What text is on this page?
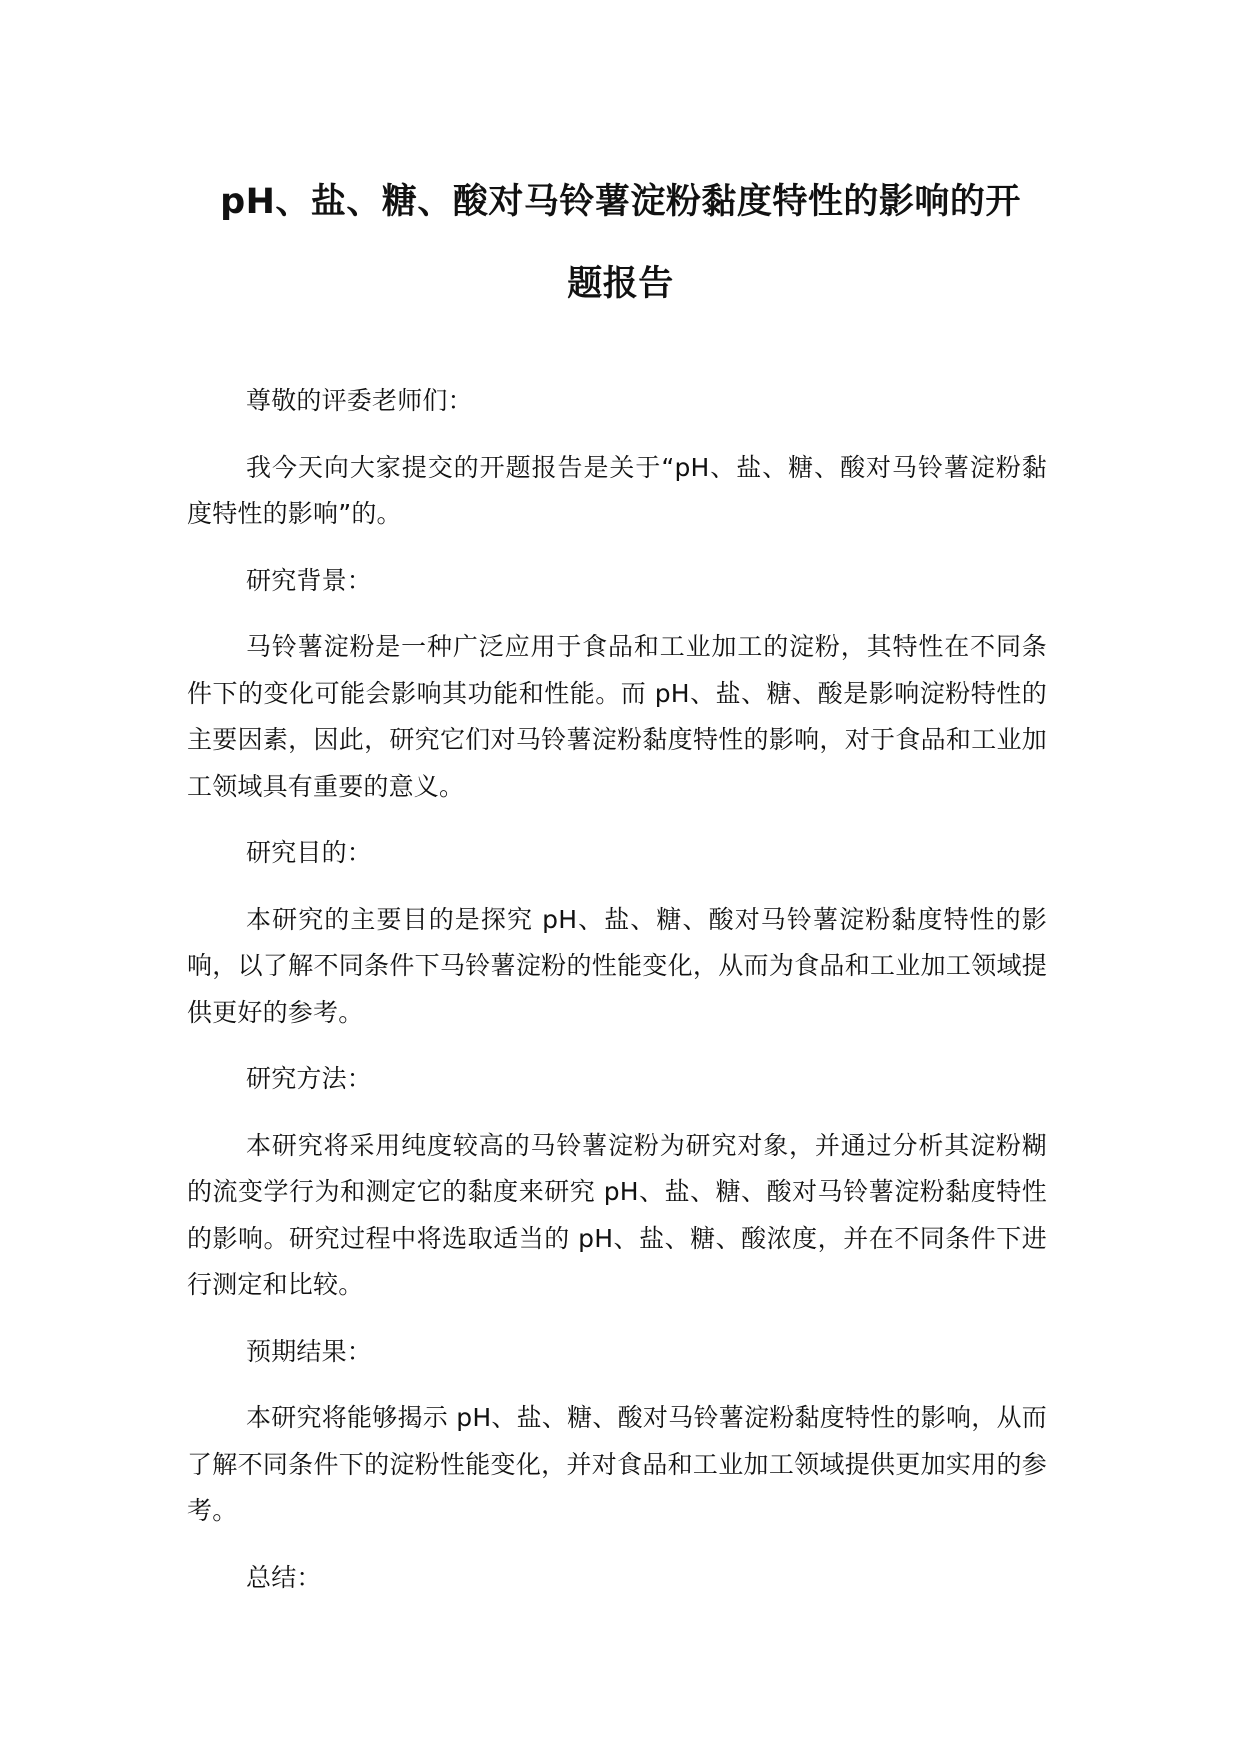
pH、盐、糖、酸对马铃薯淀粉黏度特性的影响的开
题报告

尊敬的评委老师们：

我今天向大家提交的开题报告是关于“pH、盐、糖、酸对马铃薯淀粉黏度特性的影响”的。

研究背景：

马铃薯淀粉是一种广泛应用于食品和工业加工的淀粉，其特性在不同条件下的变化可能会影响其功能和性能。而 pH、盐、糖、酸是影响淀粉特性的主要因素，因此，研究它们对马铃薯淀粉黏度特性的影响，对于食品和工业加工领域具有重要的意义。

研究目的：

本研究的主要目的是探究 pH、盐、糖、酸对马铃薯淀粉黏度特性的影响，以了解不同条件下马铃薯淀粉的性能变化，从而为食品和工业加工领域提供更好的参考。

研究方法：

本研究将采用纯度较高的马铃薯淀粉为研究对象，并通过分析其淀粉糊的流变学行为和测定它的黏度来研究 pH、盐、糖、酸对马铃薯淀粉黏度特性的影响。研究过程中将选取适当的 pH、盐、糖、酸浓度，并在不同条件下进行测定和比较。

预期结果：

本研究将能够揭示 pH、盐、糖、酸对马铃薯淀粉黏度特性的影响，从而了解不同条件下的淀粉性能变化，并对食品和工业加工领域提供更加实用的参考。

总结：
